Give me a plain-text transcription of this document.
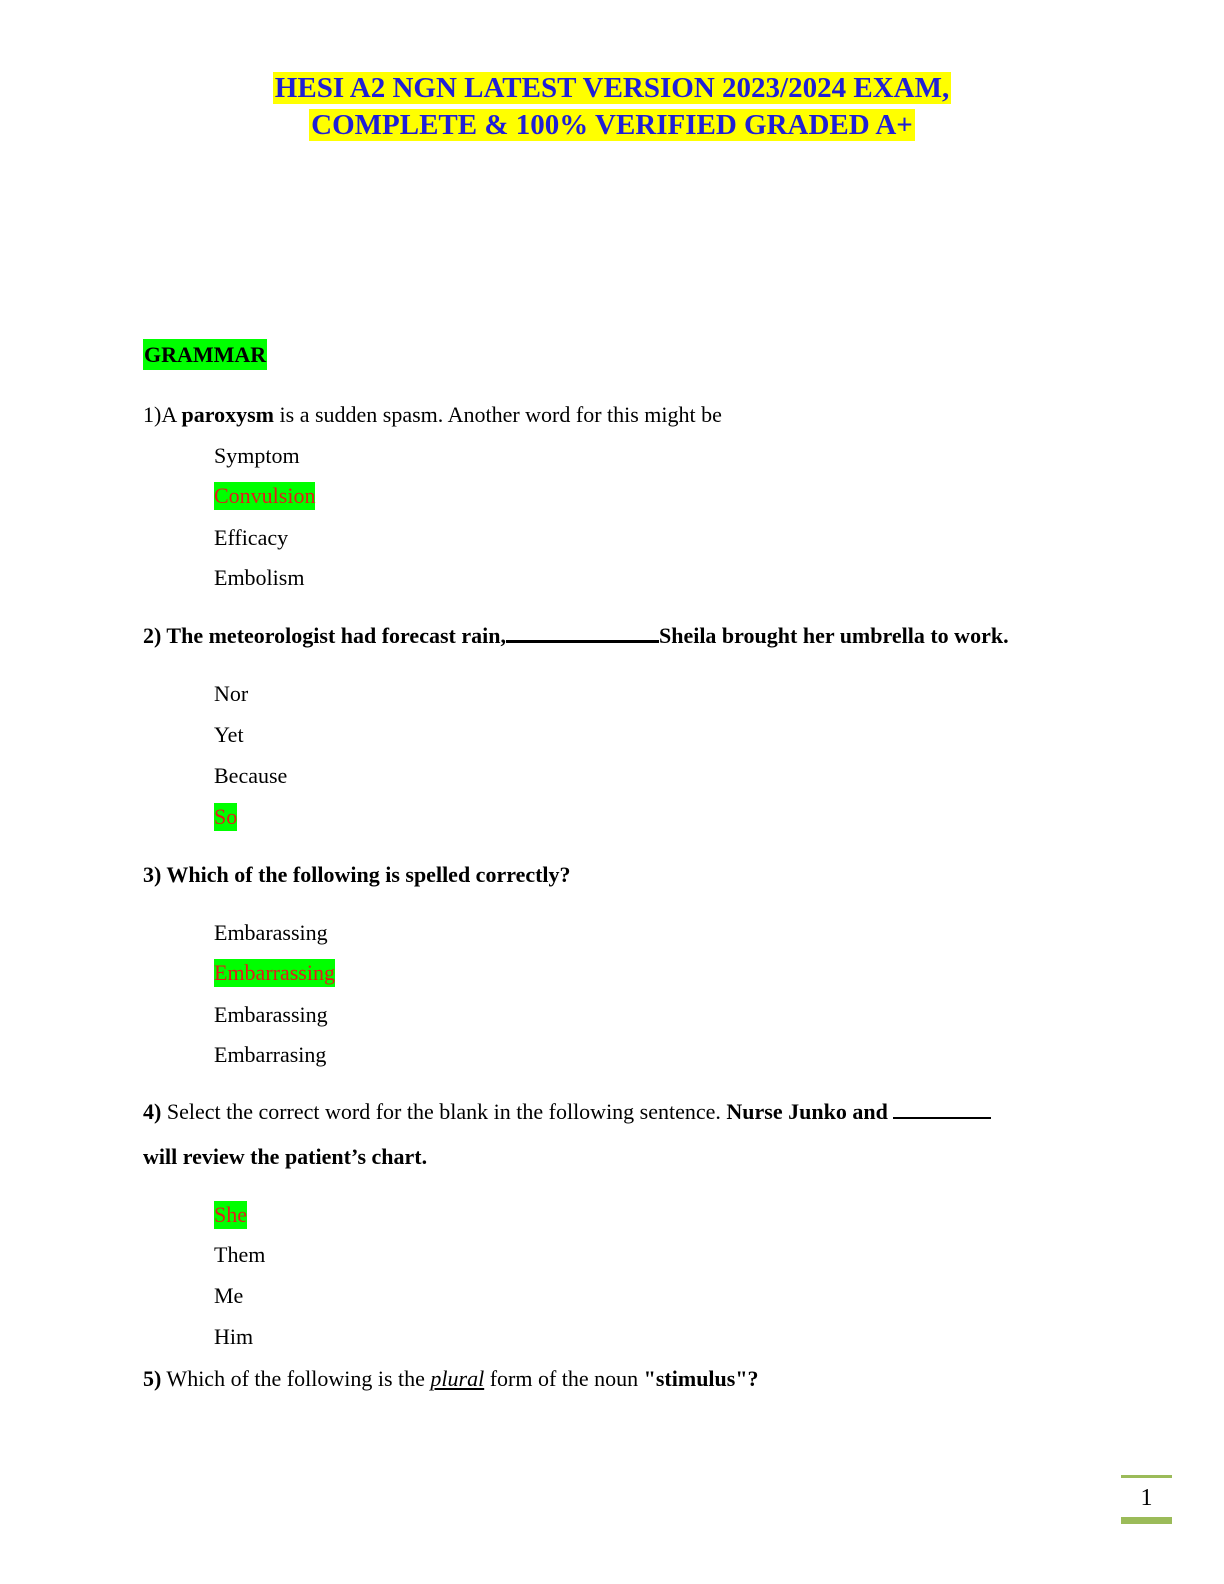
HESI A2 NGN LATEST VERSION 2023/2024 EXAM,
COMPLETE & 100% VERIFIED GRADED A+
GRAMMAR
1)A paroxysm is a sudden spasm. Another word for this might be
Symptom
Convulsion
Efficacy
Embolism
2) The meteorologist had forecast rain,	Sheila brought her umbrella to work.
Nor
Yet
Because
So
3) Which of the following is spelled correctly?
Embarassing
Embarrassing
Embarassing
Embarrasing
4) Select the correct word for the blank in the following sentence. Nurse Junko and
will review the patient’s chart.
She
Them
Me
Him
5) Which of the following is the plural form of the noun "stimulus"?
1
